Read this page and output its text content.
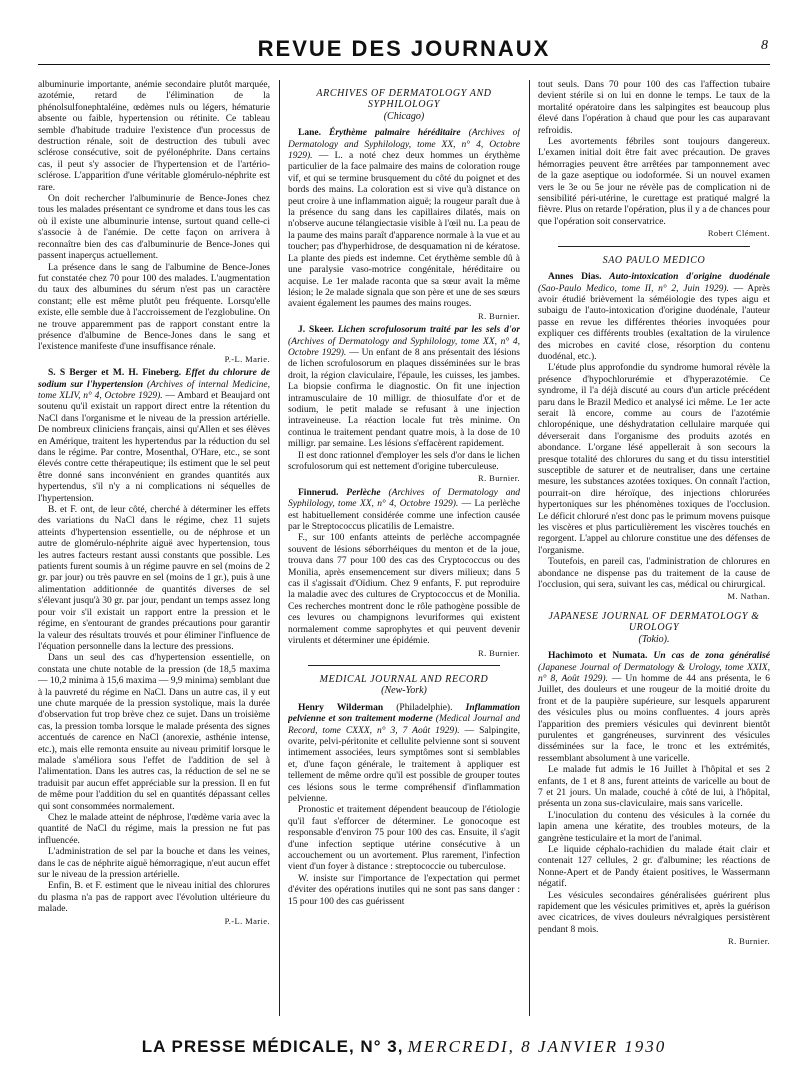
REVUE DES JOURNAUX	8

albuminurie importante, anémie secondaire plutôt marquée, azotémie, retard de l'élimination de la phénolsulfonephtaléine, œdèmes nuls ou légers, hématurie absente ou faible, hypertension ou rétinite. Ce tableau semble d'habitude traduire l'existence d'un processus de destruction rénale, soit de destruction des tubuli avec sclérose consécutive, soit de pyélonéphrite. Dans certains cas, il peut s'y associer de l'hypertension et de l'artério-sclérose. L'apparition d'une véritable glomérulo-néphrite est rare.

On doit rechercher l'albuminurie de Bence-Jones chez tous les malades présentant ce syndrome et dans tous les cas où il existe une albuminurie intense, surtout quand celle-ci s'associe à de l'anémie. De cette façon on arrivera à reconnaître bien des cas d'albuminurie de Bence-Jones qui passent inaperçus actuellement.

La présence dans le sang de l'albumine de Bence-Jones fut constatée chez 70 pour 100 des malades. L'augmentation du taux des albumines du sérum n'est pas un caractère constant; elle est même plutôt peu fréquente. Lorsqu'elle existe, elle semble due à l'accroissement de l'ezglobuline. On ne trouve apparemment pas de rapport constant entre la présence d'albumine de Bence-Jones dans le sang et l'existence manifeste d'une insuffisance rénale.

P.-L. Marie.

S. S Berger et M. H. Fineberg. Effet du chlorure de sodium sur l'hypertension (Archives of internal Medicine, tome XLIV, n° 4, Octobre 1929). — Ambard et Beaujard ont soutenu qu'il existait un rapport direct entre la rétention du NaCl dans l'organisme et le niveau de la pression artérielle. De nombreux cliniciens français, ainsi qu'Allen et ses élèves en Amérique, traitent les hypertendus par la réduction du sel dans le régime. Par contre, Mosenthal, O'Hare, etc., se sont élevés contre cette thérapeutique; ils estiment que le sel peut être donné sans inconvénient en grandes quantités aux hypertendus, s'il n'y a ni complications ni séquelles de l'hypertension.

B. et F. ont, de leur côté, cherché à déterminer les effets des variations du NaCl dans le régime, chez 11 sujets atteints d'hypertension essentielle, ou de néphrose et un autre de glomérulo-néphrite aiguë avec hypertension, tous les autres facteurs restant aussi constants que possible. Les patients furent soumis à un régime pauvre en sel (moins de 2 gr. par jour) ou très pauvre en sel (moins de 1 gr.), puis à une alimentation additionnée de quantités diverses de sel s'élevant jusqu'à 30 gr. par jour, pendant un temps assez long pour voir s'il existait un rapport entre la pression et le régime, en s'entourant de grandes précautions pour garantir la valeur des résultats trouvés et pour éliminer l'influence de l'équation personnelle dans la lecture des pressions.

Dans un seul des cas d'hypertension essentielle, on constata une chute notable de la pression (de 18,5 maxima — 10,2 minima à 15,6 maxima — 9,9 minima) semblant due à la pauvreté du régime en NaCl. Dans un autre cas, il y eut une chute marquée de la pression systolique, mais la durée d'observation fut trop brève chez ce sujet. Dans un troisième cas, la pression tomba lorsque le malade présenta des signes accentués de carence en NaCl (anorexie, asthénie intense, etc.), mais elle remonta ensuite au niveau primitif lorsque le malade s'améliora sous l'effet de l'addition de sel à l'alimentation. Dans les autres cas, la réduction de sel ne se traduisit par aucun effet appréciable sur la pression. Il en fut de même pour l'addition du sel en quantités dépassant celles qui sont consommées normalement.

Chez le malade atteint de néphrose, l'œdème varia avec la quantité de NaCl du régime, mais la pression ne fut pas influencée.

L'administration de sel par la bouche et dans les veines, dans le cas de néphrite aiguë hémorragique, n'eut aucun effet sur le niveau de la pression artérielle.

Enfin, B. et F. estiment que le niveau initial des chlorures du plasma n'a pas de rapport avec l'évolution ultérieure du malade.

P.-L. Marie.

ARCHIVES OF DERMATOLOGY AND SYPHILOLOGY

(Chicago)

Lane. Érythème palmaire héréditaire (Archives of Dermatology and Syphilology, tome XX, n° 4, Octobre 1929). — L. a noté chez deux hommes un érythème particulier de la face palmaire des mains de coloration rouge vif, et qui se termine brusquement du côté du poignet et des bords des mains. La coloration est si vive qu'à distance on peut croire à une inflammation aiguë; la rougeur paraît due à la présence du sang dans les capillaires dilatés, mais on n'observe aucune télangiectasie visible à l'œil nu. La peau de la paume des mains paraît d'apparence normale à la vue et au toucher; pas d'hyperhidrose, de desquamation ni de kératose. La plante des pieds est indemne. Cet érythème semble dû à une paralysie vaso-motrice congénitale, héréditaire ou acquise. Le 1er malade raconta que sa sœur avait la même lésion; le 2e malade signala que son père et une de ses sœurs avaient également les paumes des mains rouges.

R. Burnier.

J. Skeer. Lichen scrofulosorum traité par les sels d'or (Archives of Dermatology and Syphilology, tome XX, n° 4, Octobre 1929). — Un enfant de 8 ans présentait des lésions de lichen scrofulosorum en plaques disséminées sur le bras droit, la région claviculaire, l'épaule, les cuisses, les jambes. La biopsie confirma le diagnostic. On fit une injection intramusculaire de 10 milligr. de thiosulfate d'or et de sodium, le petit malade se refusant à une injection intraveineuse. La réaction locale fut très minime. On continua le traitement pendant quatre mois, à la dose de 10 milligr. par semaine. Les lésions s'effacèrent rapidement.

Il est donc rationnel d'employer les sels d'or dans le lichen scrofulosorum qui est nettement d'origine tuberculeuse.

R. Burnier.

Finnerud. Perlèche (Archives of Dermatology and Syphilology, tome XX, n° 4, Octobre 1929). — La perlèche est habituellement considérée comme une infection causée par le Streptococcus plicatilis de Lemaistre.

F., sur 100 enfants atteints de perlèche accompagnée souvent de lésions séborrhéiques du menton et de la joue, trouva dans 77 pour 100 des cas des Cryptococcus ou des Monilia, après ensemencement sur divers milieux; dans 5 cas il s'agissait d'Oïdium. Chez 9 enfants, F. put reproduire la maladie avec des cultures de Cryptococcus et de Monilia. Ces recherches montrent donc le rôle pathogène possible de ces levures ou champignons levuriformes qui existent normalement comme saprophytes et qui peuvent devenir virulents et déterminer une épidémie.

R. Burnier.

MEDICAL JOURNAL AND RECORD

(New-York)

Henry Wilderman (Philadelphie). Inflammation pelvienne et son traitement moderne (Medical Journal and Record, tome CXXX, n° 3, 7 Août 1929). — Salpingite, ovarite, pelvi-péritonite et cellulite pelvienne sont si souvent intimement associées, leurs symptômes sont si semblables et, d'une façon générale, le traitement à appliquer est tellement de même ordre qu'il est possible de grouper toutes ces lésions sous le terme compréhensif d'inflammation pelvienne.

Pronostic et traitement dépendent beaucoup de l'étiologie qu'il faut s'efforcer de déterminer. Le gonocoque est responsable d'environ 75 pour 100 des cas. Ensuite, il s'agit d'une infection septique utérine consécutive à un accouchement ou un avortement. Plus rarement, l'infection vient d'un foyer à distance : streptococcie ou tuberculose.

W. insiste sur l'importance de l'expectation qui permet d'éviter des opérations inutiles qui ne sont pas sans danger : 15 pour 100 des cas guérissent

tout seuls. Dans 70 pour 100 des cas l'affection tubaire devient stérile si on lui en donne le temps. Le taux de la mortalité opératoire dans les salpingites est beaucoup plus élevé dans l'opération à chaud que pour les cas auparavant refroidis.

Les avortements fébriles sont toujours dangereux. L'examen initial doit être fait avec précaution. De graves hémorragies peuvent être arrêtées par tamponnement avec de la gaze aseptique ou iodoformée. Si un nouvel examen vers le 3e ou 5e jour ne révèle pas de complication ni de sensibilité péri-utérine, le curettage est pratiqué malgré la fièvre. Plus on retarde l'opération, plus il y a de chances pour que l'opération soit conservatrice.

Robert Clément.

SAO PAULO MEDICO

Annes Dias. Auto-intoxication d'origine duodénale (Sao-Paulo Medico, tome II, n° 2, Juin 1929). — Après avoir étudié brièvement la séméiologie des types aigu et subaigu de l'auto-intoxication d'origine duodénale, l'auteur passe en revue les différentes théories invoquées pour expliquer ces différents troubles (exaltation de la virulence des microbes en cavité close, résorption du contenu duodénal, etc.).

L'étude plus approfondie du syndrome humoral révèle la présence d'hypochlorurémie et d'hyperazotémie. Ce syndrome, il l'a déjà discuté au cours d'un article précédent paru dans le Brazil Medico et analysé ici même. Le 1er acte serait là encore, comme au cours de l'azotémie chloropénique, une déshydratation cellulaire marquée qui déverserait dans l'organisme des produits azotés en abondance. L'organe lésé appellerait à son secours la presque totalité des chlorures du sang et du tissu interstitiel susceptible de saturer et de neutraliser, dans une certaine mesure, les substances azotées toxiques. On connaît l'action, pourrait-on dire héroïque, des injections chlorurées hypertoniques sur les phénomènes toxiques de l'occlusion. Le déficit chloruré n'est donc pas le primum movens puisque les viscères et plus particulièrement les viscères touchés en regorgent. L'appel au chlorure constitue une des défenses de l'organisme.

Toutefois, en pareil cas, l'administration de chlorures en abondance ne dispense pas du traitement de la cause de l'occlusion, qui sera, suivant les cas, médical ou chirurgical.

M. Nathan.

JAPANESE JOURNAL OF DERMATOLOGY & UROLOGY

(Tokio).

Hachimoto et Numata. Un cas de zona généralisé (Japanese Journal of Dermatology & Urology, tome XXIX, n° 8, Août 1929). — Un homme de 44 ans présenta, le 6 Juillet, des douleurs et une rougeur de la moitié droite du front et de la paupière supérieure, sur lesquels apparurent des vésicules plus ou moins confluentes. 4 jours après l'apparition des premiers vésicules qui devinrent bientôt purulentes et gangréneuses, survinrent des vésicules disséminées sur la face, le tronc et les extrémités, ressemblant absolument à une varicelle.

Le malade fut admis le 16 Juillet à l'hôpital et ses 2 enfants, de 1 et 8 ans, furent atteints de varicelle au bout de 7 et 21 jours. Un malade, couché à côté de lui, à l'hôpital, présenta un zona sus-claviculaire, mais sans varicelle.

L'inoculation du contenu des vésicules à la cornée du lapin amena une kératite, des troubles moteurs, de la gangrène testiculaire et la mort de l'animal.

Le liquide céphalo-rachidien du malade était clair et contenait 127 cellules, 2 gr. d'albumine; les réactions de Nonne-Apert et de Pandy étaient positives, le Wassermann négatif.

Les vésicules secondaires généralisées guérirent plus rapidement que les vésicules primitives et, après la guérison avec cicatrices, de vives douleurs névralgiques persistèrent pendant 8 mois.

R. Burnier.

LA PRESSE MÉDICALE, N° 3, MERCREDI, 8 JANVIER 1930
